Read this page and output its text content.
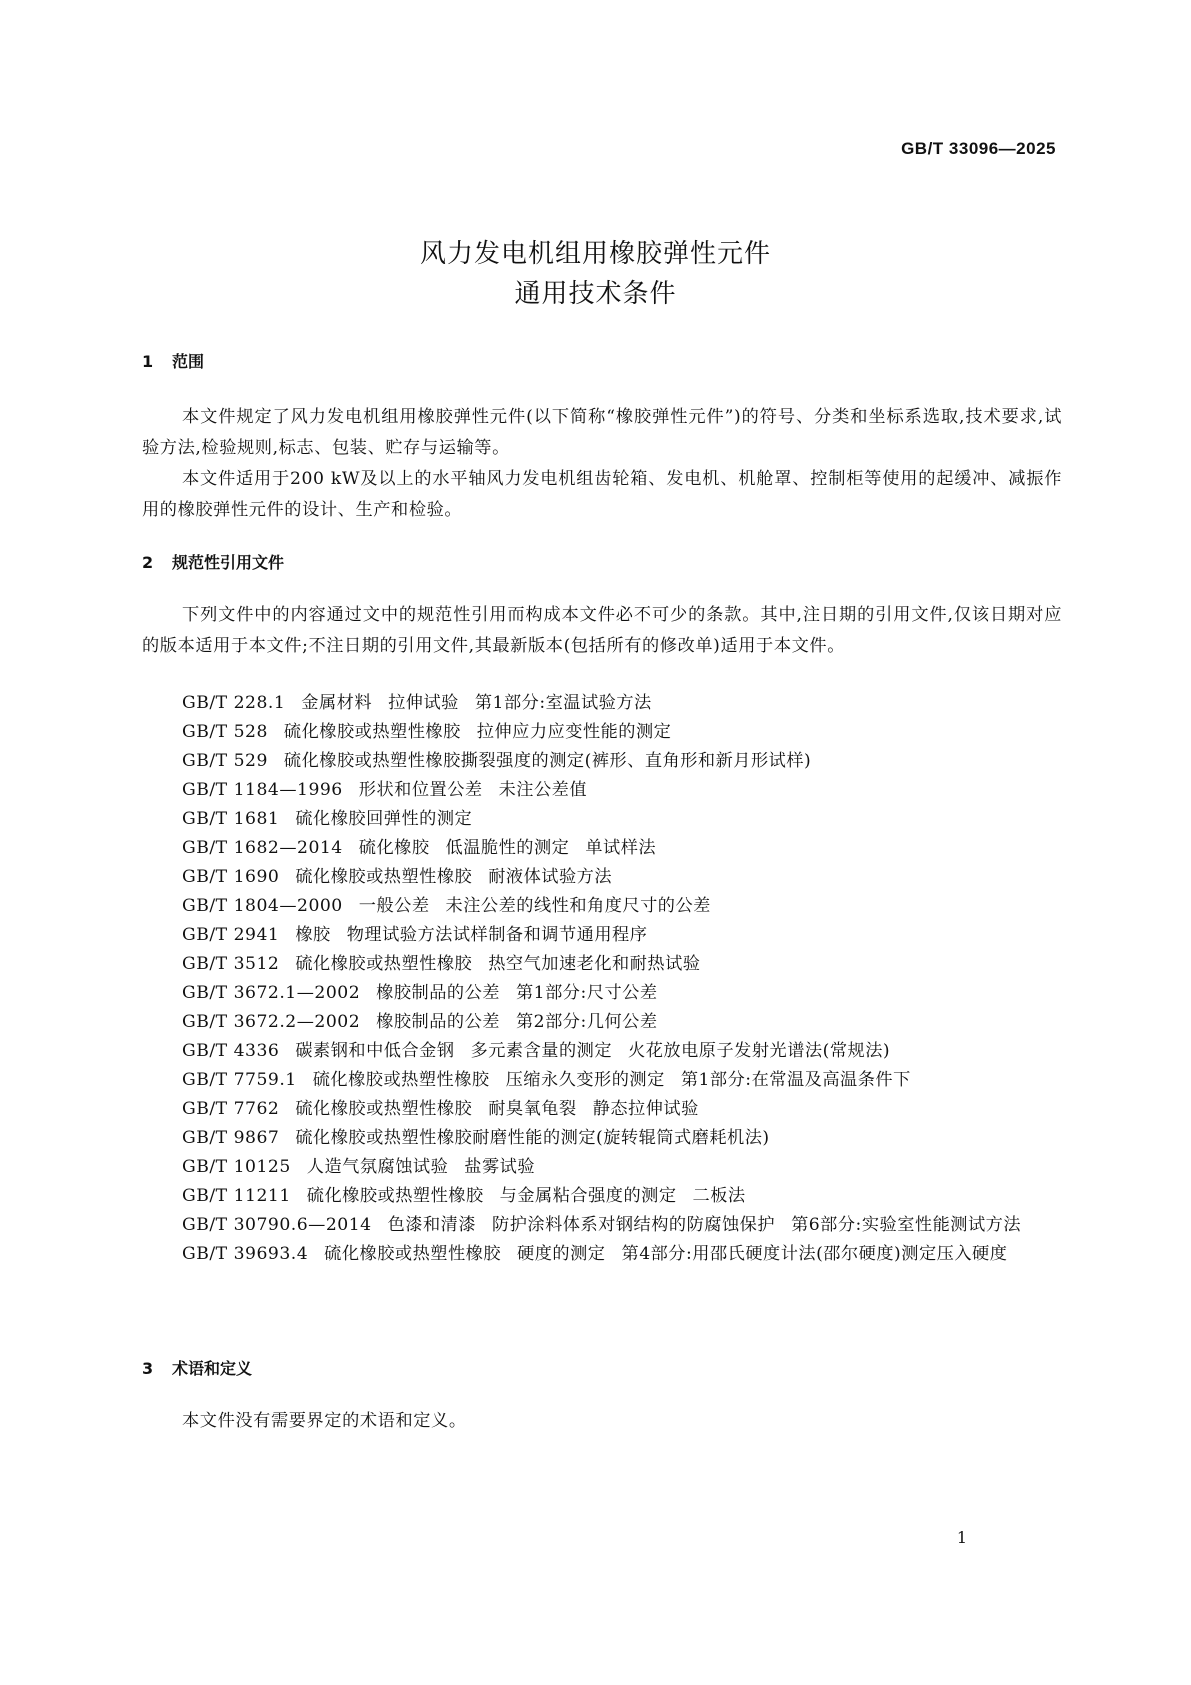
GB/T 33096—2025
风力发电机组用橡胶弹性元件
通用技术条件
1 范围
本文件规定了风力发电机组用橡胶弹性元件(以下简称“橡胶弹性元件”)的符号、分类和坐标系选取,技术要求,试验方法,检验规则,标志、包装、贮存与运输等。
本文件适用于200 kW及以上的水平轴风力发电机组齿轮箱、发电机、机舱罩、控制柜等使用的起缓冲、减振作用的橡胶弹性元件的设计、生产和检验。
2 规范性引用文件
下列文件中的内容通过文中的规范性引用而构成本文件必不可少的条款。其中,注日期的引用文件,仅该日期对应的版本适用于本文件;不注日期的引用文件,其最新版本(包括所有的修改单)适用于本文件。
GB/T 228.1 金属材料 拉伸试验 第1部分:室温试验方法
GB/T 528 硫化橡胶或热塑性橡胶 拉伸应力应变性能的测定
GB/T 529 硫化橡胶或热塑性橡胶撕裂强度的测定(裤形、直角形和新月形试样)
GB/T 1184—1996 形状和位置公差 未注公差值
GB/T 1681 硫化橡胶回弹性的测定
GB/T 1682—2014 硫化橡胶 低温脆性的测定 单试样法
GB/T 1690 硫化橡胶或热塑性橡胶 耐液体试验方法
GB/T 1804—2000 一般公差 未注公差的线性和角度尺寸的公差
GB/T 2941 橡胶 物理试验方法试样制备和调节通用程序
GB/T 3512 硫化橡胶或热塑性橡胶 热空气加速老化和耐热试验
GB/T 3672.1—2002 橡胶制品的公差 第1部分:尺寸公差
GB/T 3672.2—2002 橡胶制品的公差 第2部分:几何公差
GB/T 4336 碳素钢和中低合金钢 多元素含量的测定 火花放电原子发射光谱法(常规法)
GB/T 7759.1 硫化橡胶或热塑性橡胶 压缩永久变形的测定 第1部分:在常温及高温条件下
GB/T 7762 硫化橡胶或热塑性橡胶 耐臭氧龟裂 静态拉伸试验
GB/T 9867 硫化橡胶或热塑性橡胶耐磨性能的测定(旋转辊筒式磨耗机法)
GB/T 10125 人造气氛腐蚀试验 盐雾试验
GB/T 11211 硫化橡胶或热塑性橡胶 与金属粘合强度的测定 二板法
GB/T 30790.6—2014 色漆和清漆 防护涂料体系对钢结构的防腐蚀保护 第6部分:实验室性能测试方法
GB/T 39693.4 硫化橡胶或热塑性橡胶 硬度的测定 第4部分:用邵氏硬度计法(邵尔硬度)测定压入硬度
3 术语和定义
本文件没有需要界定的术语和定义。
1
